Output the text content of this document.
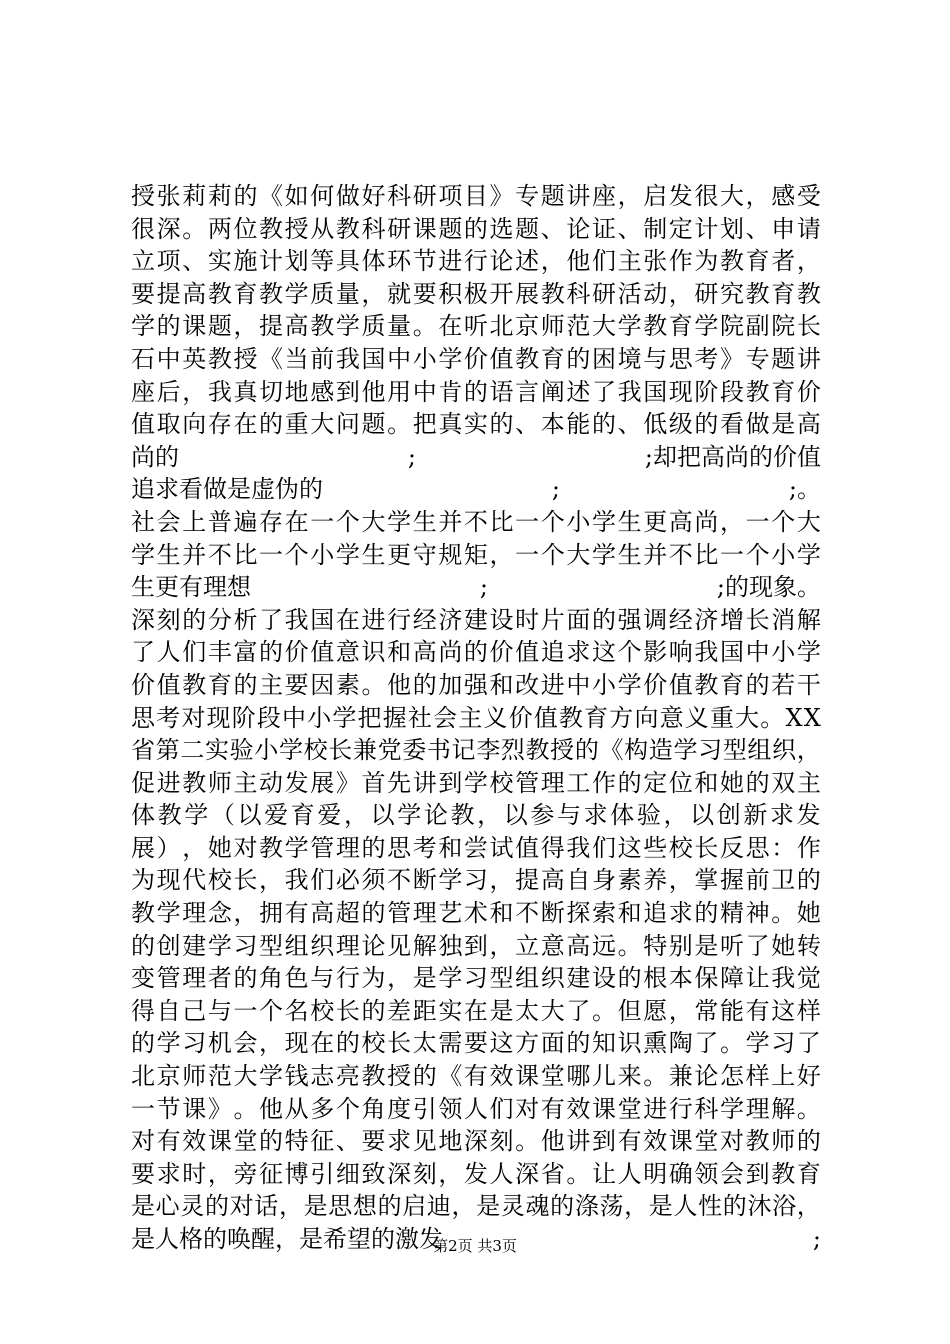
授 张 莉 莉 的 《 如 何 做 好 科 研 项 目 》 专 题 讲 座 ， 启 发 很 大 ， 感 受
很 深 。 两 位 教 授 从 教 科 研 课 题 的 选 题 、 论 证 、 制 定 计 划 、 申 请
立 项 、 实 施 计 划 等 具 体 环 节 进 行 论 述 ， 他 们 主 张 作 为 教 育 者 ，
要 提 高 教 育 教 学 质 量 ， 就 要 积 极 开 展 教 科 研 活 动 ， 研 究 教 育 教
学 的 课 题 ， 提 高 教 学 质 量 。 在 听 北 京 师 范 大 学 教 育 学 院 副 院 长
石 中 英 教 授 《 当 前 我 国 中 小 学 价 值 教 育 的 困 境 与 思 考 》 专 题 讲
座 后 ， 我 真 切 地 感 到 他 用 中 肯 的 语 言 阐 述 了 我 国 现 阶 段 教 育 价
值 取 向 存 在 的 重 大 问 题 。 把 真 实 的 、 本 能 的 、 低 级 的 看 做 是 高
尚的	;	;却把高尚的价值
追求看做是虚伪的	;	;。
社 会 上 普 遍 存 在 一 个 大 学 生 并 不 比 一 个 小 学 生 更 高 尚 ， 一 个 大
学 生 并 不 比 一 个 小 学 生 更 守 规 矩 ， 一 个 大 学 生 并 不 比 一 个 小 学
生更有理想	;	;的现象。
深 刻 的 分 析 了 我 国 在 进 行 经 济 建 设 时 片 面 的 强 调 经 济 增 长 消 解
了 人 们 丰 富 的 价 值 意 识 和 高 尚 的 价 值 追 求 这 个 影 响 我 国 中 小 学
价 值 教 育 的 主 要 因 素 。 他 的 加 强 和 改 进 中 小 学 价 值 教 育 的 若 干
思 考 对 现 阶 段 中 小 学 把 握 社 会 主 义 价 值 教 育 方 向 意 义 重 大 。 X X
省 第 二 实 验 小 学 校 长 兼 党 委 书 记 李 烈 教 授 的 《 构 造 学 习 型 组 织 ，
促 进 教 师 主 动 发 展 》 首 先 讲 到 学 校 管 理 工 作 的 定 位 和 她 的 双 主
体 教 学 （ 以 爱 育 爱 ， 以 学 论 教 ， 以 参 与 求 体 验 ， 以 创 新 求 发
展 ） ， 她 对 教 学 管 理 的 思 考 和 尝 试 值 得 我 们 这 些 校 长 反 思 ： 作
为 现 代 校 长 ， 我 们 必 须 不 断 学 习 ， 提 高 自 身 素 养 ， 掌 握 前 卫 的
教 学 理 念 ， 拥 有 高 超 的 管 理 艺 术 和 不 断 探 索 和 追 求 的 精 神 。 她
的 创 建 学 习 型 组 织 理 论 见 解 独 到 ， 立 意 高 远 。 特 别 是 听 了 她 转
变 管 理 者 的 角 色 与 行 为 ， 是 学 习 型 组 织 建 设 的 根 本 保 障 让 我 觉
得 自 己 与 一 个 名 校 长 的 差 距 实 在 是 太 大 了 。 但 愿 ， 常 能 有 这 样
的 学 习 机 会 ， 现 在 的 校 长 太 需 要 这 方 面 的 知 识 熏 陶 了 。 学 习 了
北 京 师 范 大 学 钱 志 亮 教 授 的 《 有 效 课 堂 哪 儿 来 。 兼 论 怎 样 上 好
一 节 课 》 。 他 从 多 个 角 度 引 领 人 们 对 有 效 课 堂 进 行 科 学 理 解 。
对 有 效 课 堂 的 特 征 、 要 求 见 地 深 刻 。 他 讲 到 有 效 课 堂 对 教 师 的
要 求 时 ， 旁 征 博 引 细 致 深 刻 ， 发 人 深 省 。 让 人 明 确 领 会 到 教 育
是 心 灵 的 对 话 ， 是 思 想 的 启 迪 ， 是 灵 魂 的 涤 荡 ， 是 人 性 的 沐 浴 ，
是人格的唤醒，是希望的激发	;
第2页 共3页
